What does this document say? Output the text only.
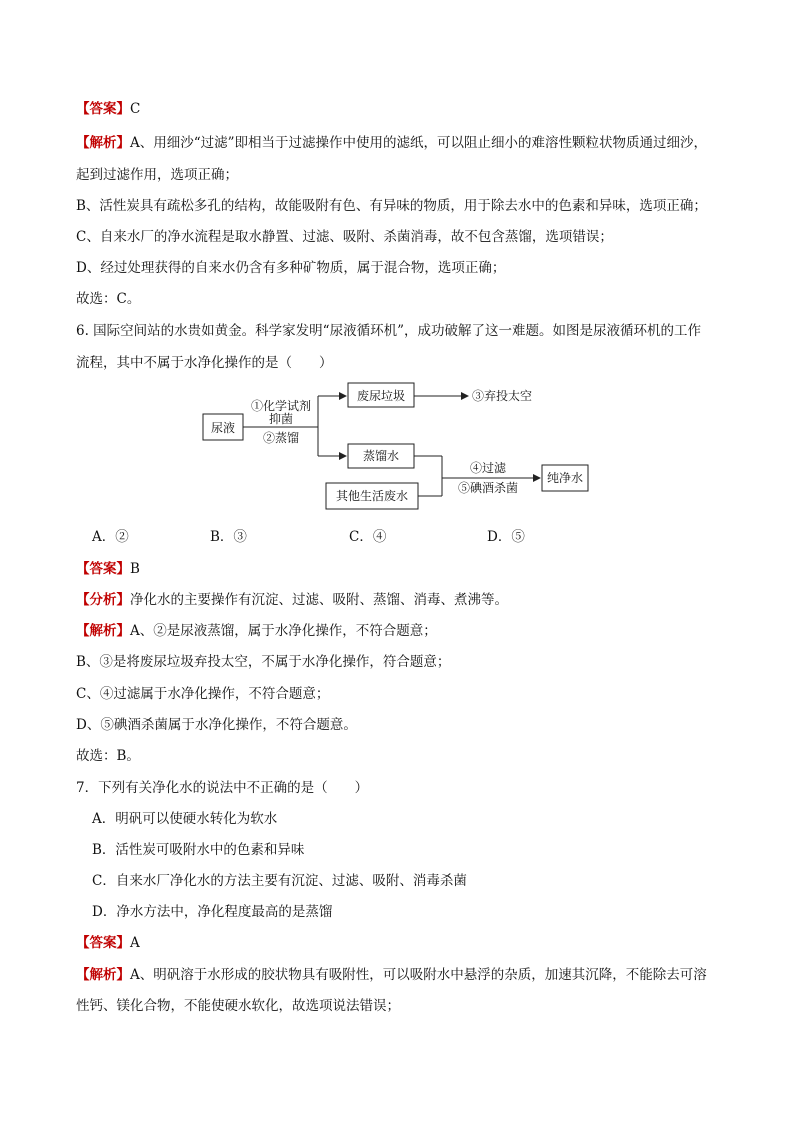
【答案】C
【解析】A、用细沙“过滤”即相当于过滤操作中使用的滤纸，可以阻止细小的难溶性颗粒状物质通过细沙，
起到过滤作用，选项正确；
B、活性炭具有疏松多孔的结构，故能吸附有色、有异味的物质，用于除去水中的色素和异味，选项正确；
C、自来水厂的净水流程是取水静置、过滤、吸附、杀菌消毒，故不包含蒸馏，选项错误；
D、经过处理获得的自来水仍含有多种矿物质，属于混合物，选项正确；
故选：C。
6. 国际空间站的水贵如黄金。科学家发明“尿液循环机”，成功破解了这一难题。如图是尿液循环机的工作
流程，其中不属于水净化操作的是（　　）
尿液
①化学试剂
抑菌
②蒸馏
废尿垃圾	③弃投太空
蒸馏水
其他生活废水
④过滤
⑤碘酒杀菌
纯净水
A．②	B．③	C．④	D．⑤
【答案】B
【分析】净化水的主要操作有沉淀、过滤、吸附、蒸馏、消毒、煮沸等。
【解析】A、②是尿液蒸馏，属于水净化操作，不符合题意；
B、③是将废尿垃圾弃投太空，不属于水净化操作，符合题意；
C、④过滤属于水净化操作，不符合题意；
D、⑤碘酒杀菌属于水净化操作，不符合题意。
故选：B。
7．下列有关净化水的说法中不正确的是（　　）
A．明矾可以使硬水转化为软水
B．活性炭可吸附水中的色素和异味
C．自来水厂净化水的方法主要有沉淀、过滤、吸附、消毒杀菌
D．净水方法中，净化程度最高的是蒸馏
【答案】A
【解析】A、明矾溶于水形成的胶状物具有吸附性，可以吸附水中悬浮的杂质，加速其沉降，不能除去可溶
性钙、镁化合物，不能使硬水软化，故选项说法错误；
